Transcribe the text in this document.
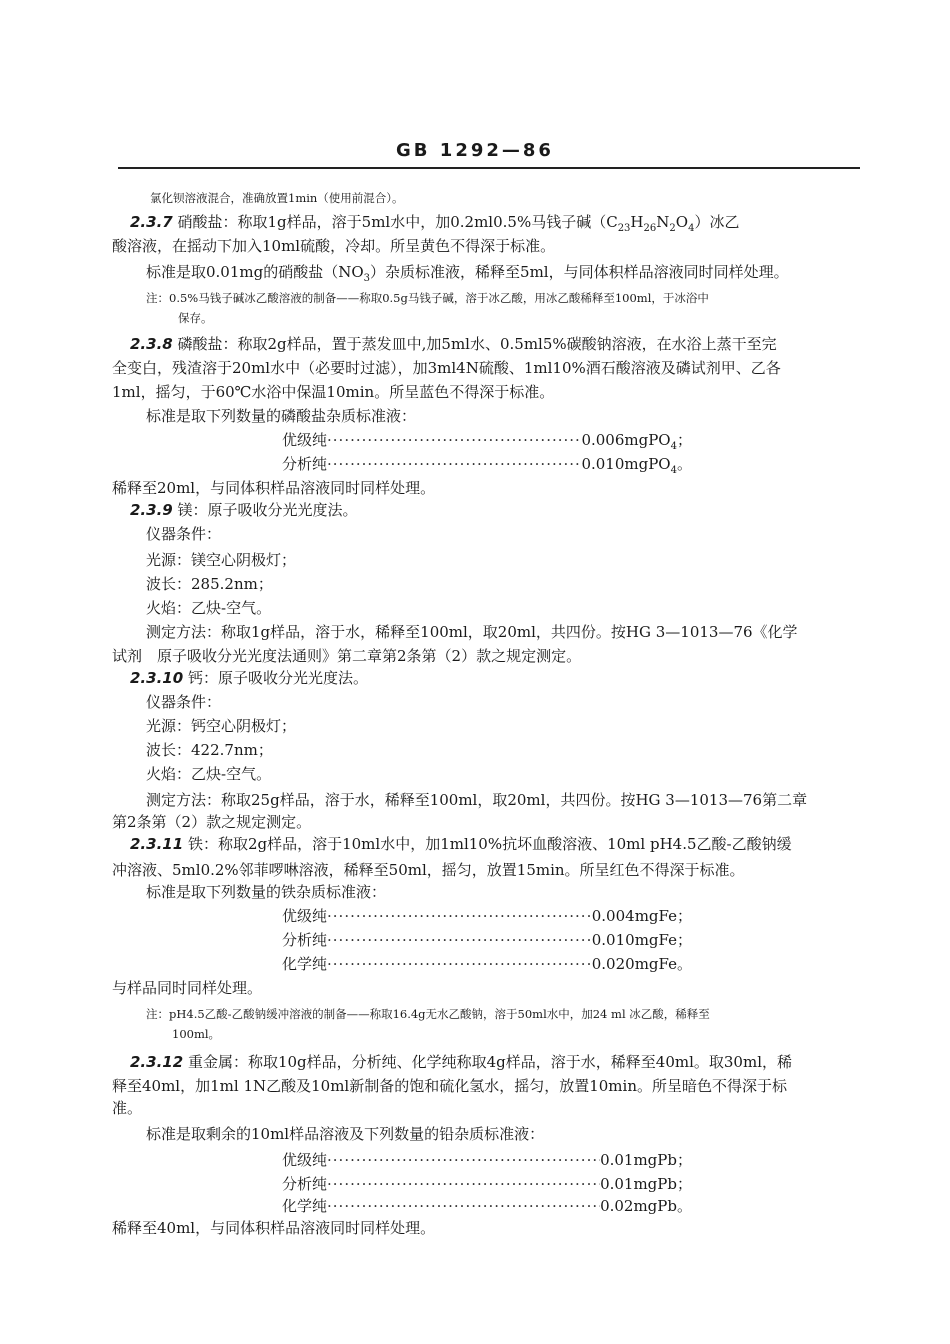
GB 1292—86
氯化钡溶液混合，准确放置1min（使用前混合）。
2.3.7 硝酸盐：称取1g样品，溶于5ml水中，加0.2ml0.5%马钱子碱$(C_{23}H_{26}N_2O_4)$冰乙
酸溶液，在摇动下加入10ml硫酸，冷却。所呈黄色不得深于标准。
标准是取0.01mg的硝酸盐$(NO_3)$杂质标准液，稀释至5ml，与同体积样品溶液同时同样处理。
注：0.5%马钱子碱冰乙酸溶液的制备——称取0.5g马钱子碱，溶于冰乙酸，用冰乙酸稀释至100ml，于冰浴中
保存。
2.3.8 磷酸盐：称取2g样品，置于蒸发皿中,加5ml水、0.5ml5%碳酸钠溶液，在水浴上蒸干至完
全变白，残渣溶于20ml水中（必要时过滤），加3ml4N硫酸、1ml10%酒石酸溶液及磷试剂甲、乙各
1ml，摇匀，于60℃水浴中保温10min。所呈蓝色不得深于标准。
标准是取下列数量的磷酸盐杂质标准液：
优级纯 ·····	0.006mgPO$_4$；
分析纯 ·····	0.010mgPO$_4$。
稀释至20ml，与同体积样品溶液同时同样处理。
2.3.9 镁：原子吸收分光光度法。
仪器条件：
光源：镁空心阴极灯；
波长：285.2nm；
火焰：乙炔-空气。
测定方法：称取1g样品，溶于水，稀释至100ml，取20ml，共四份。按HG 3—1013—76《化学
试剂　原子吸收分光光度法通则》第二章第2条第（2）款之规定测定。
2.3.10 钙：原子吸收分光光度法。
仪器条件：
光源：钙空心阴极灯；
波长：422.7nm；
火焰：乙炔-空气。
测定方法：称取25g样品，溶于水，稀释至100ml，取20ml，共四份。按HG 3—1013—76第二章
第2条第（2）款之规定测定。
2.3.11 铁：称取2g样品，溶于10ml水中，加1ml10%抗坏血酸溶液、10ml pH4.5乙酸-乙酸钠缓
冲溶液、5ml0.2%邻菲啰啉溶液，稀释至50ml，摇匀，放置15min。所呈红色不得深于标准。
标准是取下列数量的铁杂质标准液：
优级纯 ·····	0.004mgFe；
分析纯 ·····	0.010mgFe；
化学纯 ·····	0.020mgFe。
与样品同时同样处理。
注：pH4.5乙酸-乙酸钠缓冲溶液的制备——称取16.4g无水乙酸钠，溶于50ml水中，加24 ml 冰乙酸，稀释至
100ml。
2.3.12 重金属：称取10g样品，分析纯、化学纯称取4g样品，溶于水，稀释至40ml。取30ml，稀
释至40ml，加1ml 1N乙酸及10ml新制备的饱和硫化氢水，摇匀，放置10min。所呈暗色不得深于标
准。
标准是取剩余的10ml样品溶液及下列数量的铅杂质标准液：
优级纯 ·····	0.01mgPb；
分析纯 ·····	0.01mgPb；
化学纯 ·····	0.02mgPb。
稀释至40ml，与同体积样品溶液同时同样处理。
